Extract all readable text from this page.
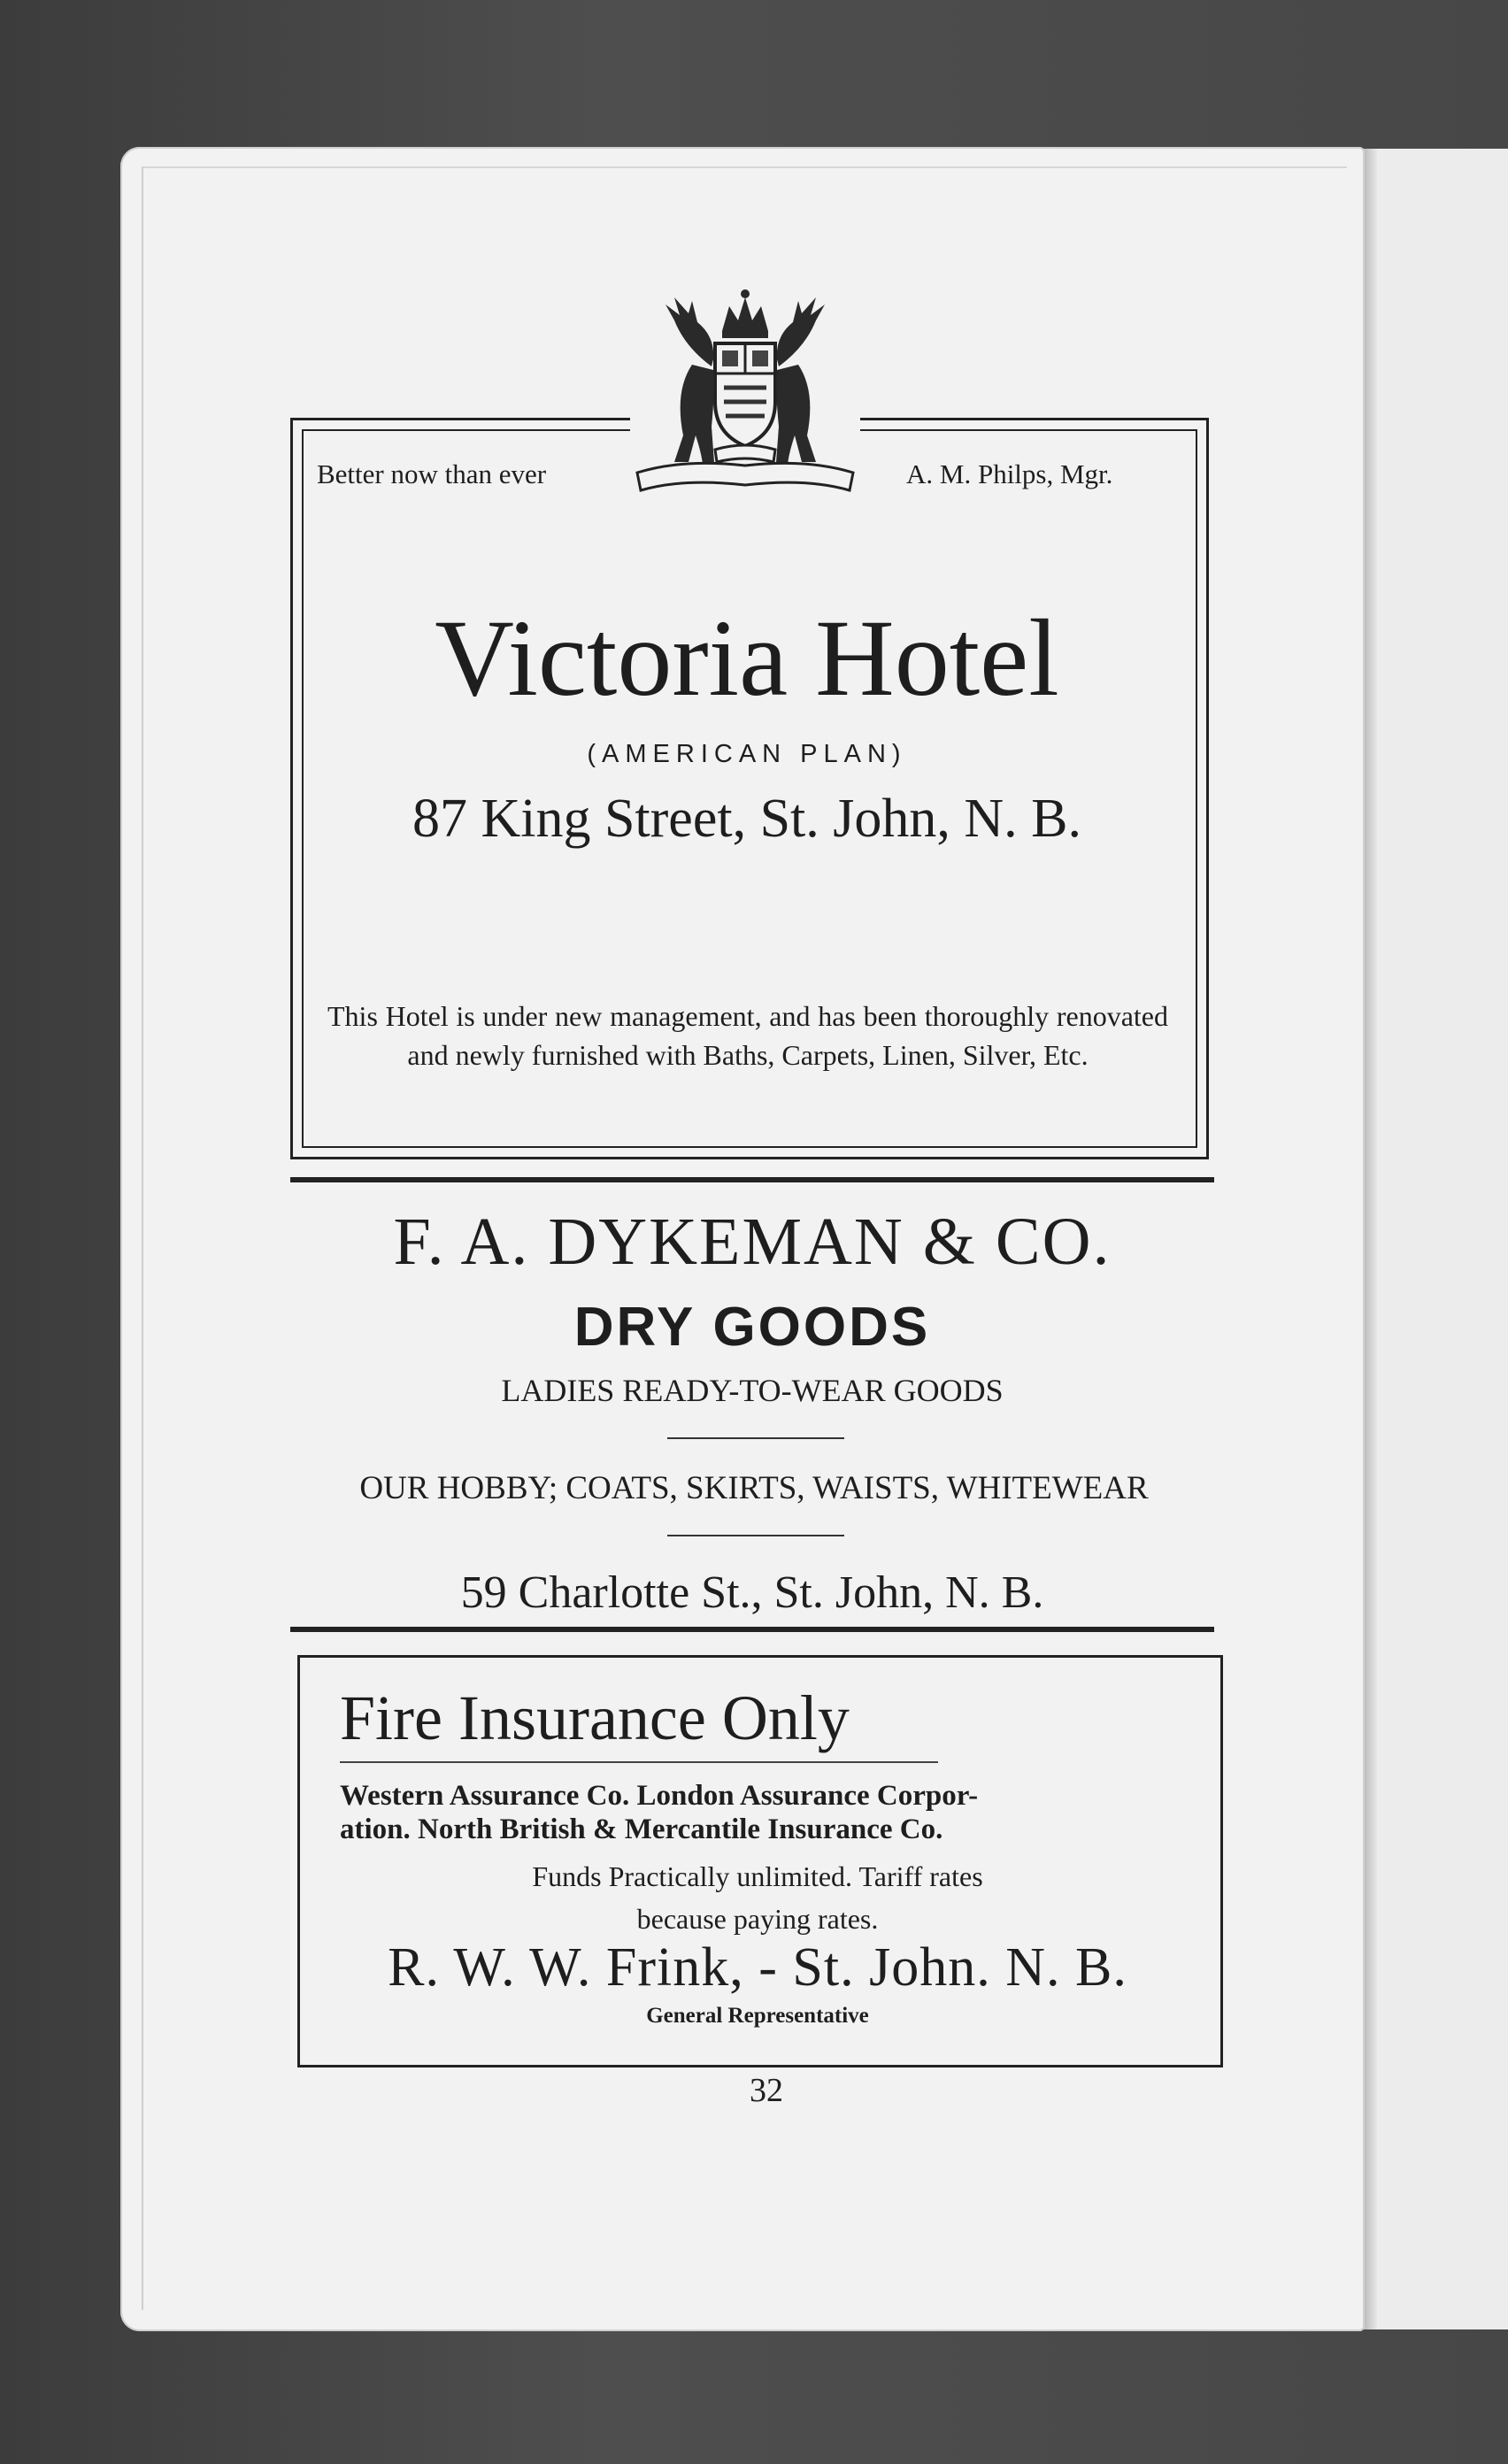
Better now than ever	A. M. Philps, Mgr.
Victoria Hotel
(AMERICAN PLAN)
87 King Street, St. John, N. B.
This Hotel is under new management, and has been thoroughly renovated and newly furnished with Baths, Carpets, Linen, Silver, Etc.
F. A. DYKEMAN & CO.
DRY GOODS
LADIES READY-TO-WEAR GOODS
OUR HOBBY; COATS, SKIRTS, WAISTS, WHITEWEAR
59 Charlotte St., St. John, N. B.
Fire Insurance Only
Western Assurance Co. London Assurance Corpor-
ation. North British & Mercantile Insurance Co.
Funds Practically unlimited. Tariff rates
because paying rates.
R. W. W. Frink, - St. John. N. B.
General Representative
32
